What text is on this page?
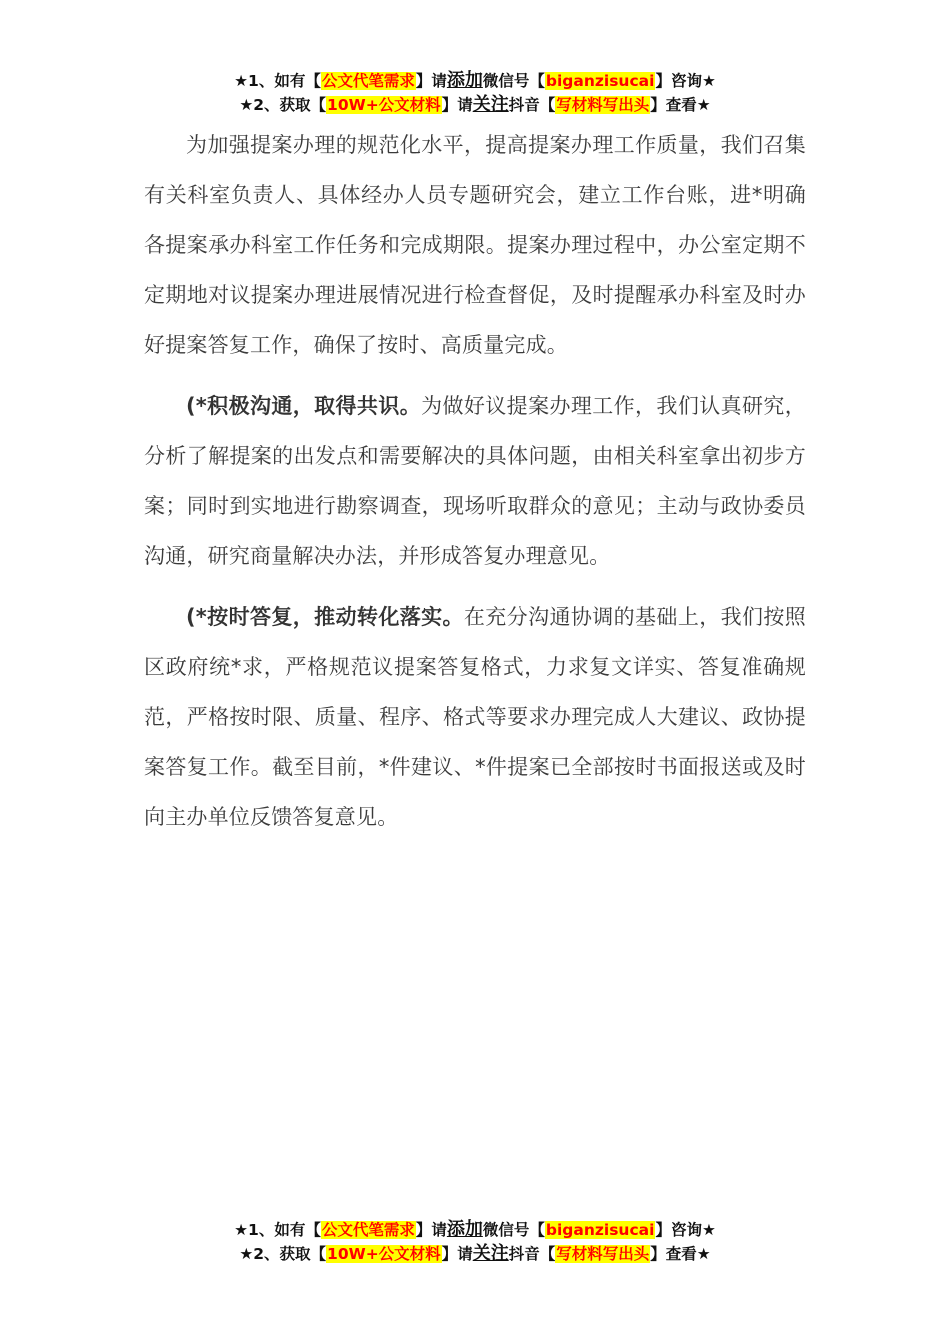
★1、如有【公文代笔需求】请添加微信号【biganzisucai】咨询★
★2、获取【10W+公文材料】请关注抖音【写材料写出头】查看★

为加强提案办理的规范化水平，提高提案办理工作质量，我们召集有关科室负责人、具体经办人员专题研究会，建立工作台账，进*明确各提案承办科室工作任务和完成期限。提案办理过程中，办公室定期不定期地对议提案办理进展情况进行检查督促，及时提醒承办科室及时办好提案答复工作，确保了按时、高质量完成。

(*积极沟通，取得共识。为做好议提案办理工作，我们认真研究，分析了解提案的出发点和需要解决的具体问题，由相关科室拿出初步方案；同时到实地进行勘察调查，现场听取群众的意见；主动与政协委员沟通，研究商量解决办法，并形成答复办理意见。

(*按时答复，推动转化落实。在充分沟通协调的基础上，我们按照区政府统*求，严格规范议提案答复格式，力求复文详实、答复准确规范，严格按时限、质量、程序、格式等要求办理完成人大建议、政协提案答复工作。截至目前，*件建议、*件提案已全部按时书面报送或及时向主办单位反馈答复意见。

★1、如有【公文代笔需求】请添加微信号【biganzisucai】咨询★
★2、获取【10W+公文材料】请关注抖音【写材料写出头】查看★
